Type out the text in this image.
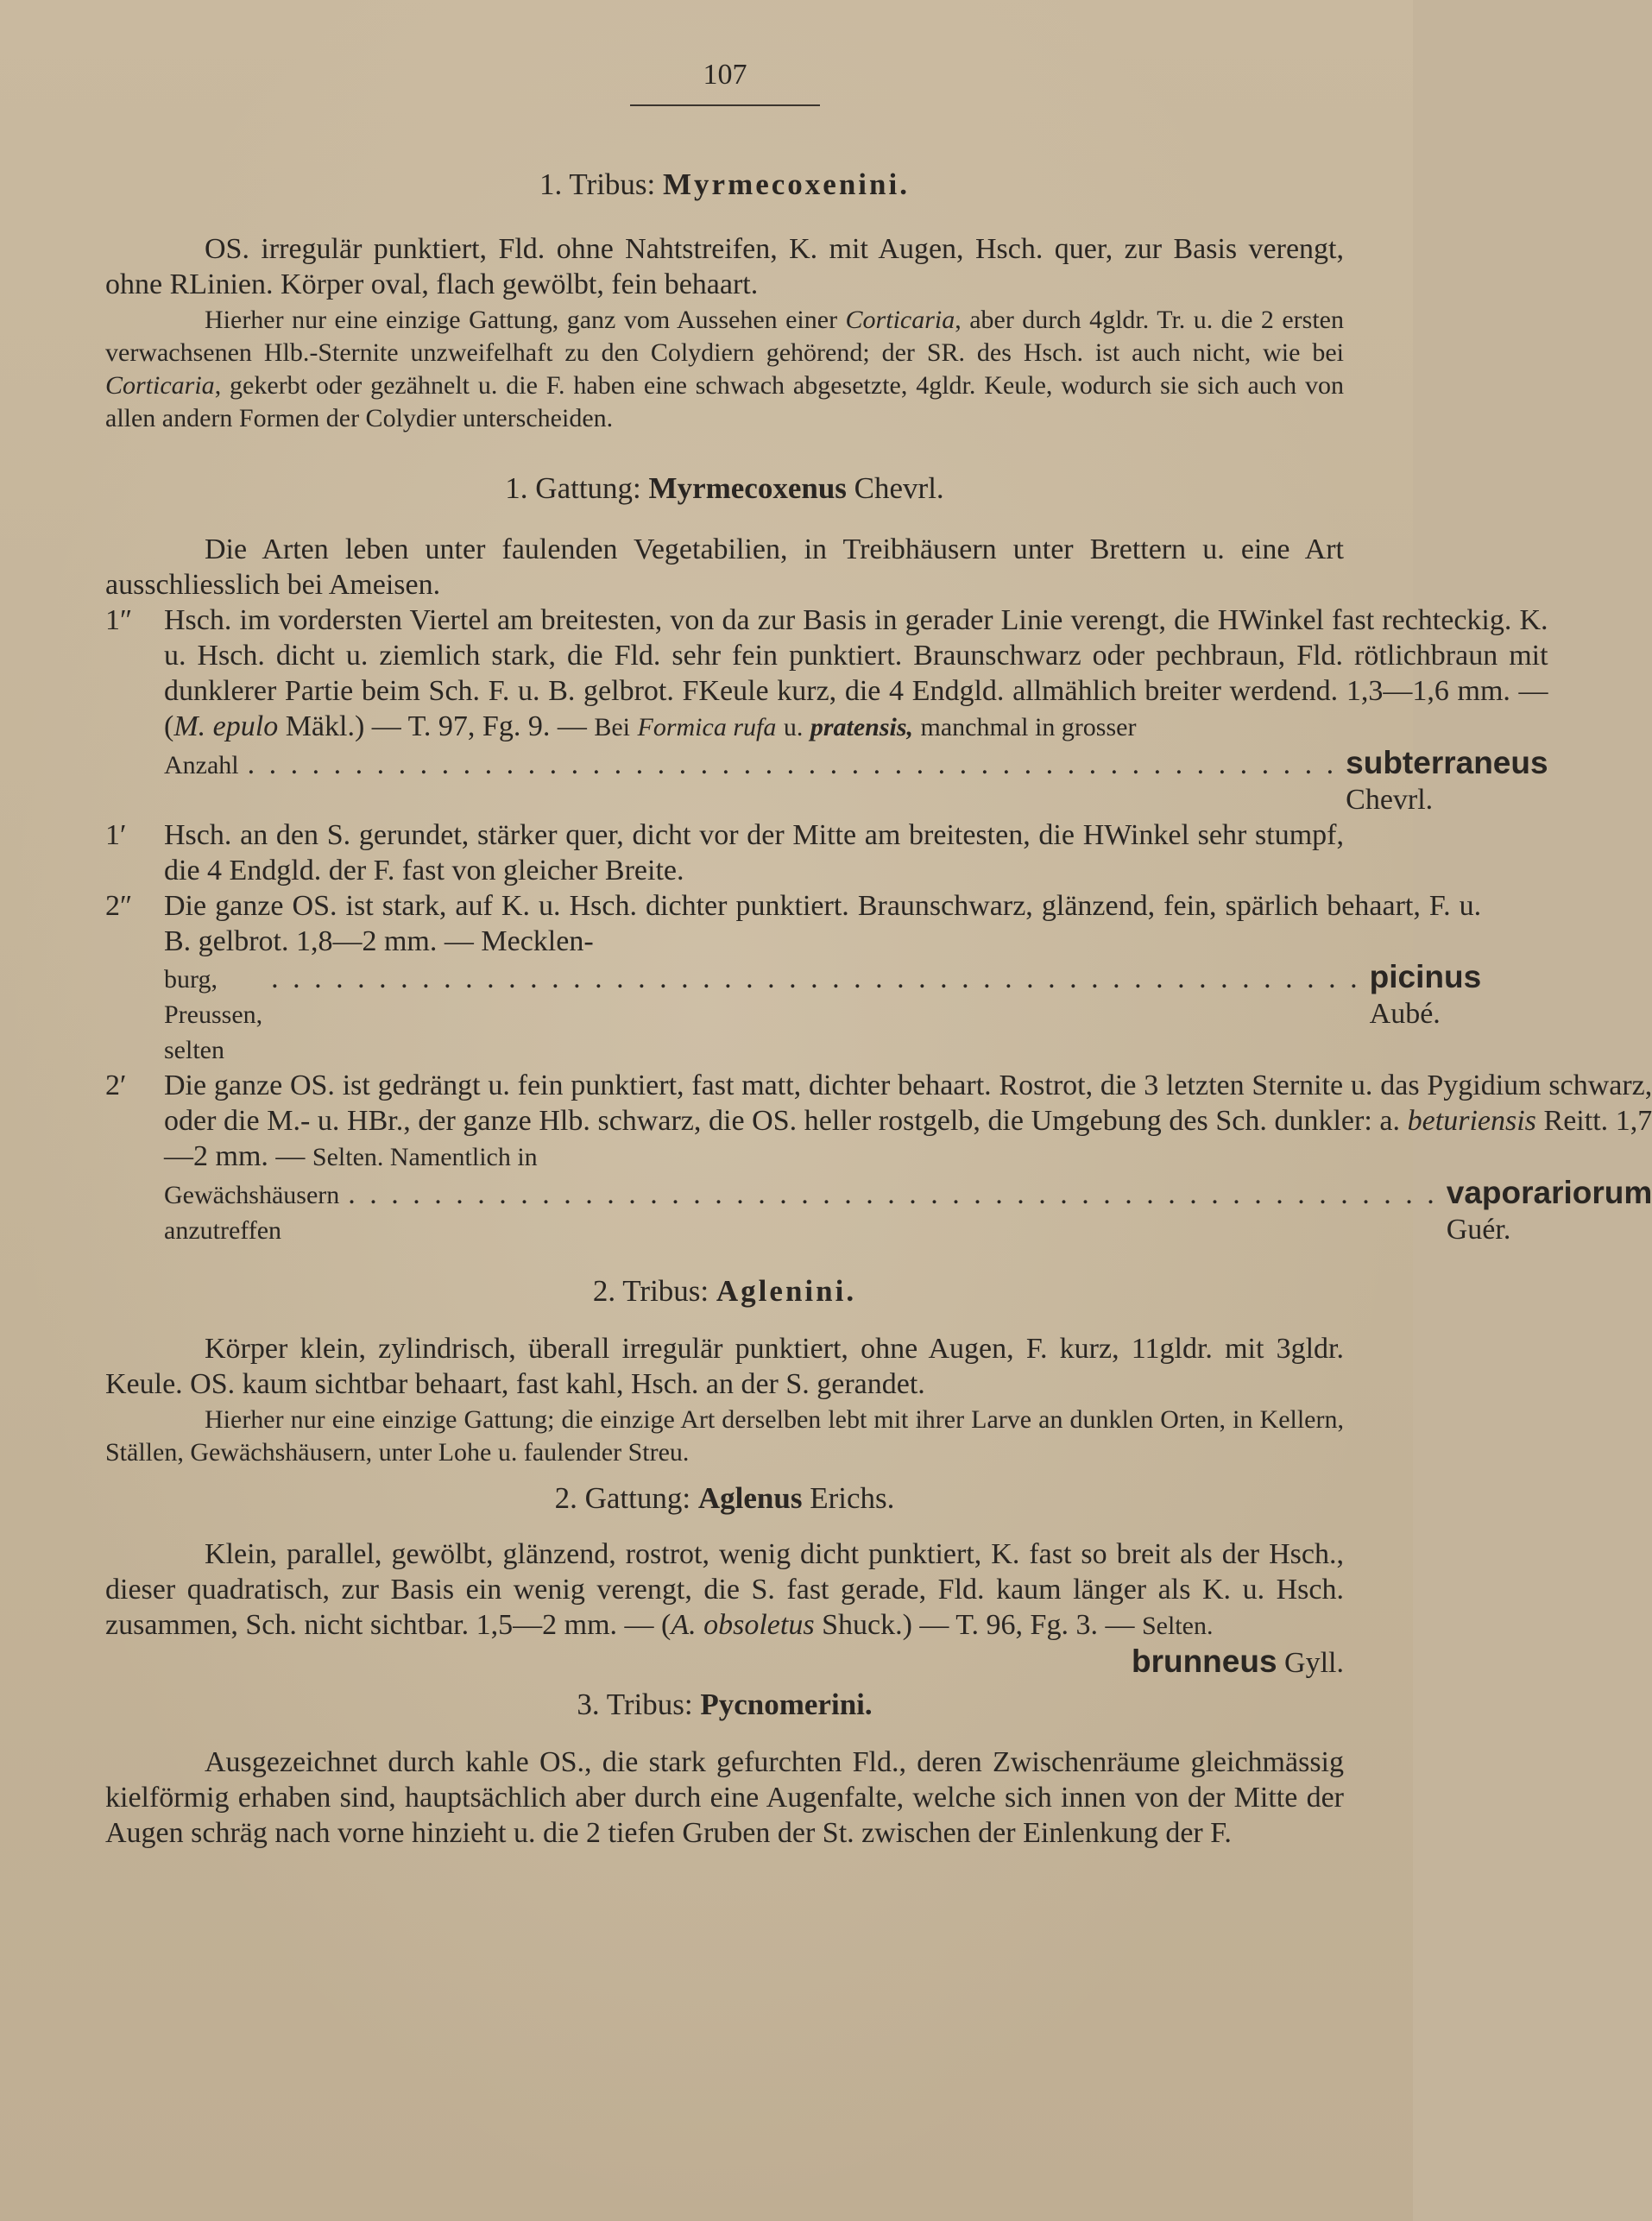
107
1. Tribus: Myrmecoxenini.

OS. irregulär punktiert, Fld. ohne Nahtstreifen, K. mit Augen, Hsch. quer, zur Basis verengt, ohne RLinien. Körper oval, flach gewölbt, fein behaart.

Hierher nur eine einzige Gattung, ganz vom Aussehen einer Corticaria, aber durch 4gldr. Tr. u. die 2 ersten verwachsenen Hlb.-Sternite unzweifelhaft zu den Colydiern gehörend; der SR. des Hsch. ist auch nicht, wie bei Corticaria, gekerbt oder gezähnelt u. die F. haben eine schwach abgesetzte, 4gldr. Keule, wodurch sie sich auch von allen andern Formen der Colydier unterscheiden.

1. Gattung: Myrmecoxenus Chevrl.

Die Arten leben unter faulenden Vegetabilien, in Treibhäusern unter Brettern u. eine Art ausschliesslich bei Ameisen.

1″	Hsch. im vordersten Viertel am breitesten, von da zur Basis in gerader Linie verengt, die HWinkel fast rechteckig. K. u. Hsch. dicht u. ziemlich stark, die Fld. sehr fein punktiert. Braunschwarz oder pechbraun, Fld. rötlichbraun mit dunklerer Partie beim Sch. F. u. B. gelbrot. FKeule kurz, die 4 Endgld. allmählich breiter werdend. 1,3—1,6 mm. — (M. epulo Mäkl.) — T. 97, Fg. 9. — Bei Formica rufa u. pratensis, manchmal in grosser
Anzahl . . . . . . . . . . . . . . . . . . . . . . . . . . . . . . . . . . . . . . . . . . . . . . . . . . . subterraneus Chevrl.
1′	Hsch. an den S. gerundet, stärker quer, dicht vor der Mitte am breitesten, die HWinkel sehr stumpf, die 4 Endgld. der F. fast von gleicher Breite.
2″	Die ganze OS. ist stark, auf K. u. Hsch. dichter punktiert. Braunschwarz, glänzend, fein, spärlich behaart, F. u. B. gelbrot. 1,8—2 mm. — Mecklen-
burg, Preussen, selten
. . . . . . . . . . . . . . . . . . . . . . . . . . . . . . . . . . . . . . . . . . . . . . . . . . . picinus Aubé.
2′	Die ganze OS. ist gedrängt u. fein punktiert, fast matt, dichter behaart. Rostrot, die 3 letzten Sternite u. das Pygidium schwarz, oder die M.- u. HBr., der ganze Hlb. schwarz, die OS. heller rostgelb, die Umgebung des Sch. dunkler: a. beturiensis Reitt. 1,7—2 mm. — Selten. Namentlich in
Gewächshäusern anzutreffen
. . . . . . . . . . . . . . . . . . . . . . . . . . . . . . . . . . . . . . . . . . . . . . . . . . . vaporariorum Guér.
2. Tribus: Aglenini.

Körper klein, zylindrisch, überall irregulär punktiert, ohne Augen, F. kurz, 11gldr. mit 3gldr. Keule. OS. kaum sichtbar behaart, fast kahl, Hsch. an der S. gerandet.

Hierher nur eine einzige Gattung; die einzige Art derselben lebt mit ihrer Larve an dunklen Orten, in Kellern, Ställen, Gewächshäusern, unter Lohe u. faulender Streu.

2. Gattung: Aglenus Erichs.

Klein, parallel, gewölbt, glänzend, rostrot, wenig dicht punktiert, K. fast so breit als der Hsch., dieser quadratisch, zur Basis ein wenig verengt, die S. fast gerade, Fld. kaum länger als K. u. Hsch. zusammen, Sch. nicht sichtbar. 1,5—2 mm. — (A. obsoletus Shuck.) — T. 96, Fg. 3. — Selten.

brunneus Gyll.
3. Tribus: Pycnomerini.

Ausgezeichnet durch kahle OS., die stark gefurchten Fld., deren Zwischenräume gleichmässig kielförmig erhaben sind, hauptsächlich aber durch eine Augenfalte, welche sich innen von der Mitte der Augen schräg nach vorne hinzieht u. die 2 tiefen Gruben der St. zwischen der Einlenkung der F.
